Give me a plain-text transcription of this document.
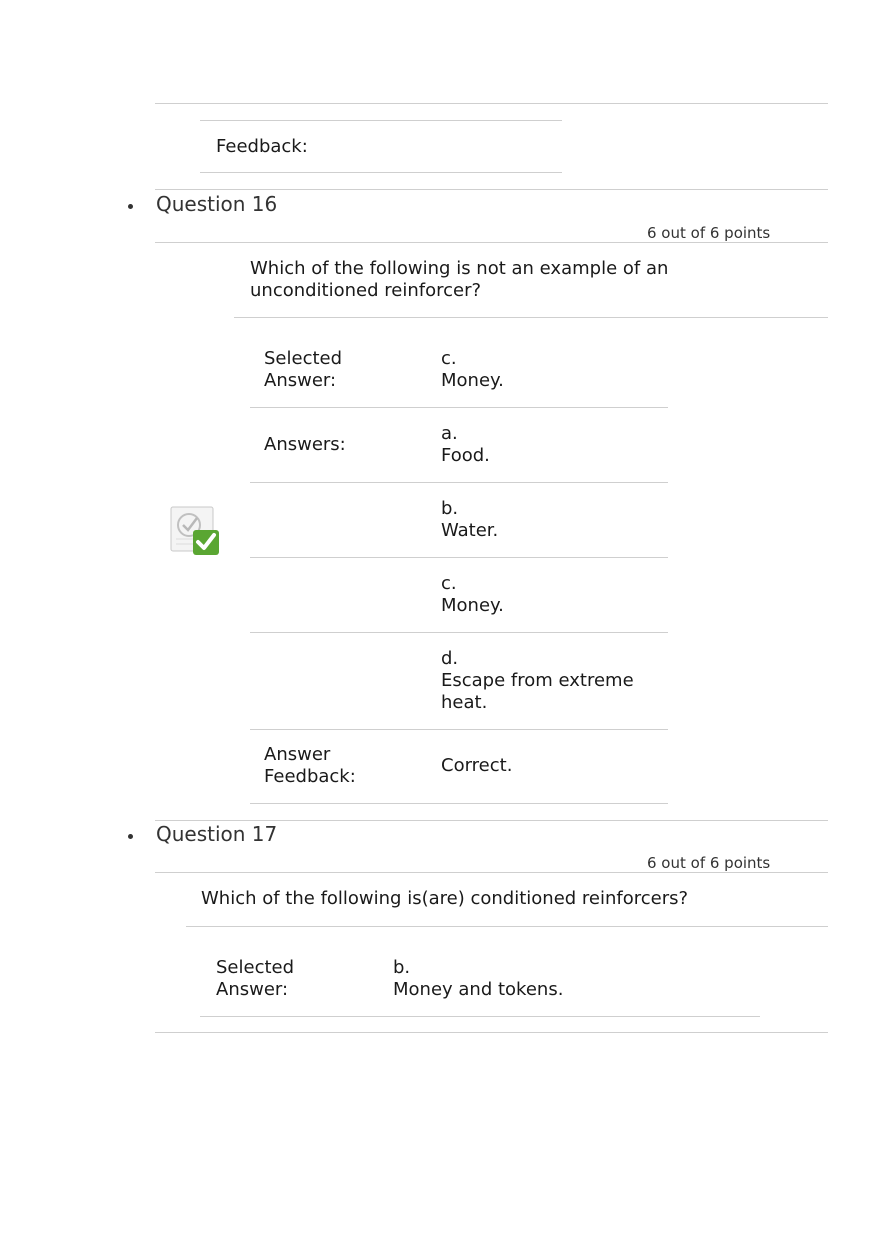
Feedback:
Question 16
6 out of 6 points
Which of the following is not an example of an unconditioned reinforcer?
Selected
Answer:
c.
Money.
Answers:
a.
Food.
b.
Water.
c.
Money.
d.
Escape from extreme
heat.
Answer
Feedback:
Correct.
Question 17
6 out of 6 points
Which of the following is(are) conditioned reinforcers?
Selected
Answer:
b.
Money and tokens.
